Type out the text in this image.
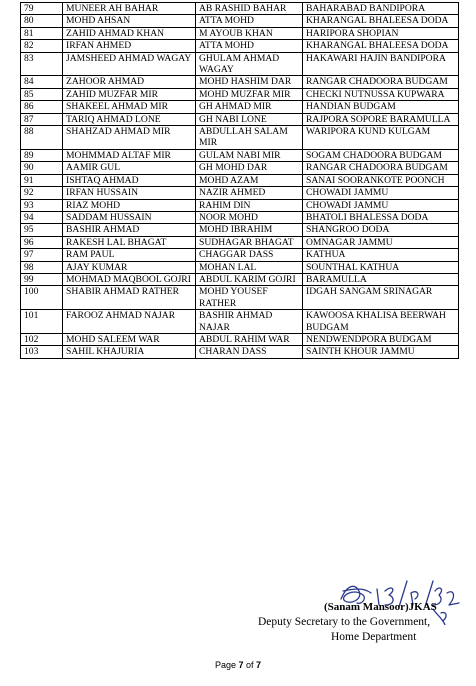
79	MUNEER AH BAHAR	AB RASHID BAHAR	BAHARABAD BANDIPORA
80	MOHD AHSAN	ATTA MOHD	KHARANGAL BHALEESA DODA
81	ZAHID AHMAD KHAN	M AYOUB KHAN	HARIPORA SHOPIAN
82	IRFAN AHMED	ATTA MOHD	KHARANGAL BHALEESA DODA
83	JAMSHEED AHMAD WAGAY	GHULAM AHMAD WAGAY	HAKAWARI HAJIN BANDIPORA
84	ZAHOOR AHMAD	MOHD HASHIM DAR	RANGAR CHADOORA BUDGAM
85	ZAHID MUZFAR MIR	MOHD MUZFAR MIR	CHECKI NUTNUSSA KUPWARA
86	SHAKEEL AHMAD MIR	GH AHMAD MIR	HANDIAN BUDGAM
87	TARIQ AHMAD LONE	GH NABI LONE	RAJPORA SOPORE BARAMULLA
88	SHAHZAD AHMAD MIR	ABDULLAH SALAM MIR	WARIPORA KUND KULGAM
89	MOHMMAD ALTAF MIR	GULAM NABI MIR	SOGAM CHADOORA BUDGAM
90	AAMIR GUL	GH MOHD DAR	RANGAR CHADOORA BUDGAM
91	ISHTAQ AHMAD	MOHD AZAM	SANAI SOORANKOTE POONCH
92	IRFAN HUSSAIN	NAZIR AHMED	CHOWADI JAMMU
93	RIAZ MOHD	RAHIM DIN	CHOWADI JAMMU
94	SADDAM HUSSAIN	NOOR MOHD	BHATOLI BHALESSA DODA
95	BASHIR AHMAD	MOHD IBRAHIM	SHANGROO DODA
96	RAKESH LAL BHAGAT	SUDHAGAR BHAGAT	OMNAGAR JAMMU
97	RAM PAUL	CHAGGAR DASS	KATHUA
98	AJAY KUMAR	MOHAN LAL	SOUNTHAL KATHUA
99	MOHMAD MAQBOOL GOJRI	ABDUL KARIM GOJRI	BARAMULLA
100	SHABIR AHMAD RATHER	MOHD YOUSEF RATHER	IDGAH SANGAM SRINAGAR
101	FAROOZ AHMAD NAJAR	BASHIR AHMAD NAJAR	KAWOOSA KHALISA BEERWAH BUDGAM
102	MOHD SALEEM WAR	ABDUL RAHIM WAR	NENDWENDPORA BUDGAM
103	SAHIL KHAJURIA	CHARAN DASS	SAINTH KHOUR JAMMU
(Sanam Mansoor)JKAS
Deputy Secretary to the Government,
Home Department
Page 7 of 7
